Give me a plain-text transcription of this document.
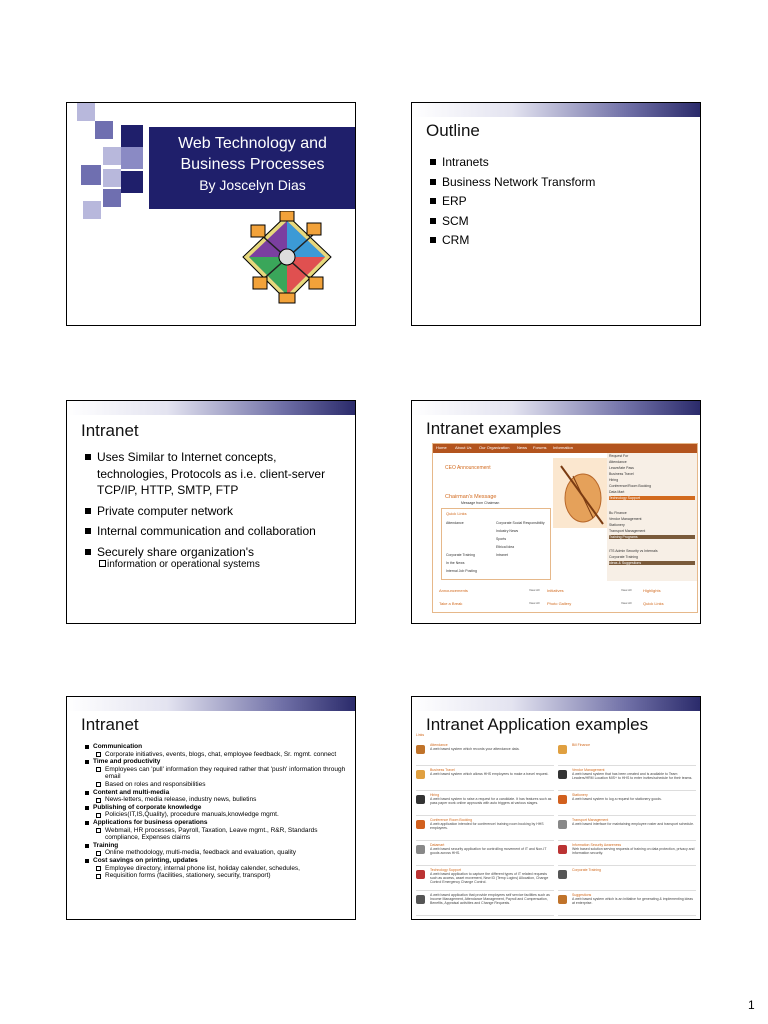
Web Technology and
Business Processes
By Joscelyn Dias
Outline
Intranets
Business Network Transform
ERP
SCM
CRM
Intranet
Uses Similar to Internet concepts, technologies, Protocols as i.e. client-server TCP/IP, HTTP, SMTP, FTP
Private computer network
Internal communication and collaboration
Securely share organization's
information or operational systems
Intranet examples
Home About Us Our Organization News Forums Information
CEO Announcement
Chairman's Message
Message from Chairman
Quick Links
Attendance

Corporate Training
In the News
Internal Job Posting
Corporate Social Responsibility
Industry News
Sports
Ethical idea
Intranet
Request For
Attendance
Leave/late Pass
Business Travel
Hiring
Conference/Room Booking
Data Mart
Technology Support
Bu Finance
Vendor Management
Stationery
Transport Management
Training Programs
ITS Admin Security vs Internals
Corporate Training
Ideas & Suggestions
Announcements	View All Initiatives	View All	Highlights
Take a Break	View All Photo Gallery	View All	Quick Links
Intranet
Communication
Corporate initiatives, events, blogs, chat, employee feedback, Sr. mgmt. connect
Time and productivity
Employees can 'pull' information they required rather that 'push' information through email
Based on roles and responsibilities
Content and multi-media
News-letters, media release, industry news, bulletins
Publishing of corporate knowledge
Policies(IT,IS,Quality), procedure manuals,knowledge mgmt.
Applications for business operations
Webmail, HR processes, Payroll, Taxation, Leave mgmt., R&R, Standards compliance, Expenses claims
Training
Online methodology, multi-media, feedback and evaluation, quality
Cost savings on printing, updates
Employee directory, internal phone list, holiday calender, schedules,
Requisition forms (facilities, stationery, security, transport)
Intranet Application examples
Links
Attendance
A web based system which records your attendance data.
Business Travel
A web based system which allows HHS employees to make a travel request.
Hiring
A web based system to raise a request for a candidate. It has features such as pass paper work online approvals with auto triggers at various stages.
Conference Room Booking
A web application intended for conference/ training room booking by HHS employees.
Datamart
A web based security application for controlling movement of IT and Non-IT goods across HHS.
Technology Support
A web based application to capture the different types of IT related requests such as access, asset movement, New ID (Temp Logins) Allocation, Change Control Emergency Change Control.
A web based application that provide employees self service facilities such as Income Management, Attendance Management, Payroll and Compensation, Benefits, Appraisal activities and Change Requests.
Bill Finance
Vendor Management
A web based system that has been created and is available to Team Leaders/HRM Location MIS+ to HHS to enter invites/schedule for their teams.
Stationery
A web based system to log a request for stationery goods.
Transport Management
A web based interface for maintaining employee roster and transport schedule.
Information Security Awareness
Web based solution serving requests of training on data protection, privacy and information security.
Corporate Training
Suggestions
A web based system which is an initiative for generating & implementing ideas at enterprise.
1
